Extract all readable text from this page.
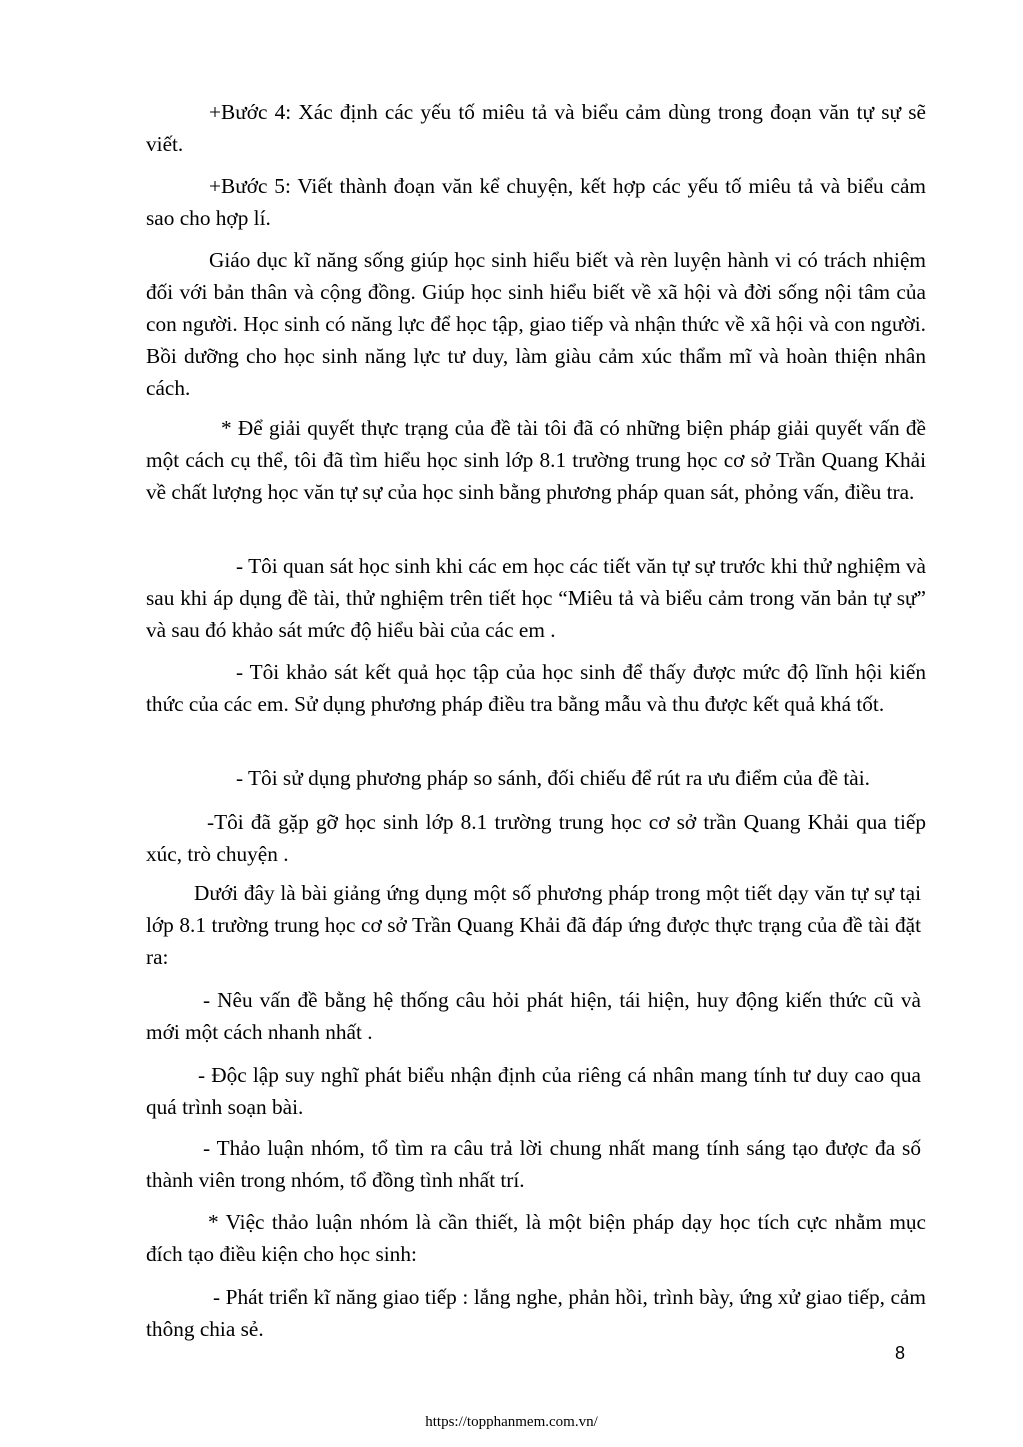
+Bước 4: Xác định các yếu tố miêu tả và biểu cảm dùng trong đoạn văn tự sự sẽ viết.

+Bước 5: Viết thành đoạn văn kể chuyện, kết hợp các yếu tố miêu tả và biểu cảm sao cho hợp lí.

Giáo dục kĩ năng sống giúp học sinh hiểu biết và rèn luyện hành vi có trách nhiệm đối với bản thân và cộng đồng. Giúp học sinh hiểu biết về xã hội và đời sống nội tâm của con người. Học sinh có năng lực để học tập, giao tiếp và nhận thức về xã hội và con người. Bồi dưỡng cho học sinh năng lực tư duy, làm giàu cảm xúc thẩm mĩ và hoàn thiện nhân cách.

* Để giải quyết thực trạng của đề tài tôi đã có những biện pháp giải quyết vấn đề một cách cụ thể, tôi đã tìm hiểu học sinh lớp 8.1 trường trung học cơ sở Trần Quang Khải về chất lượng học văn tự sự của học sinh bằng phương pháp quan sát, phỏng vấn, điều tra.

- Tôi quan sát học sinh khi các em học các tiết văn tự sự trước khi thử nghiệm và sau khi áp dụng đề tài, thử nghiệm trên tiết học “Miêu tả và biểu cảm trong văn bản tự sự” và sau đó khảo sát mức độ hiểu bài của các em .

- Tôi khảo sát kết quả học tập của học sinh để thấy được mức độ lĩnh hội kiến thức của các em. Sử dụng phương pháp điều tra bằng mẫu và thu được kết quả khá tốt.

- Tôi sử dụng phương pháp so sánh, đối chiếu để rút ra ưu điểm của đề tài.

-Tôi đã gặp gỡ học sinh lớp 8.1 trường trung học cơ sở trần Quang Khải qua tiếp xúc, trò chuyện .

Dưới đây là bài giảng ứng dụng một số phương pháp trong một tiết dạy văn tự sự tại lớp 8.1 trường trung học cơ sở Trần Quang Khải đã đáp ứng được thực trạng của đề tài đặt ra:

- Nêu vấn đề bằng hệ thống câu hỏi phát hiện, tái hiện, huy động kiến thức cũ và mới một cách nhanh nhất .

- Độc lập suy nghĩ phát biểu nhận định của riêng cá nhân mang tính tư duy cao qua quá trình soạn bài.

- Thảo luận nhóm, tổ tìm ra câu trả lời chung nhất mang tính sáng tạo được đa số thành viên trong nhóm, tổ đồng tình nhất trí.

* Việc thảo luận nhóm là cần thiết, là một biện pháp dạy học tích cực nhằm mục đích tạo điều kiện cho học sinh:

- Phát triển kĩ năng giao tiếp : lắng nghe, phản hồi, trình bày, ứng xử giao tiếp, cảm thông chia sẻ.

8
https://topphanmem.com.vn/
